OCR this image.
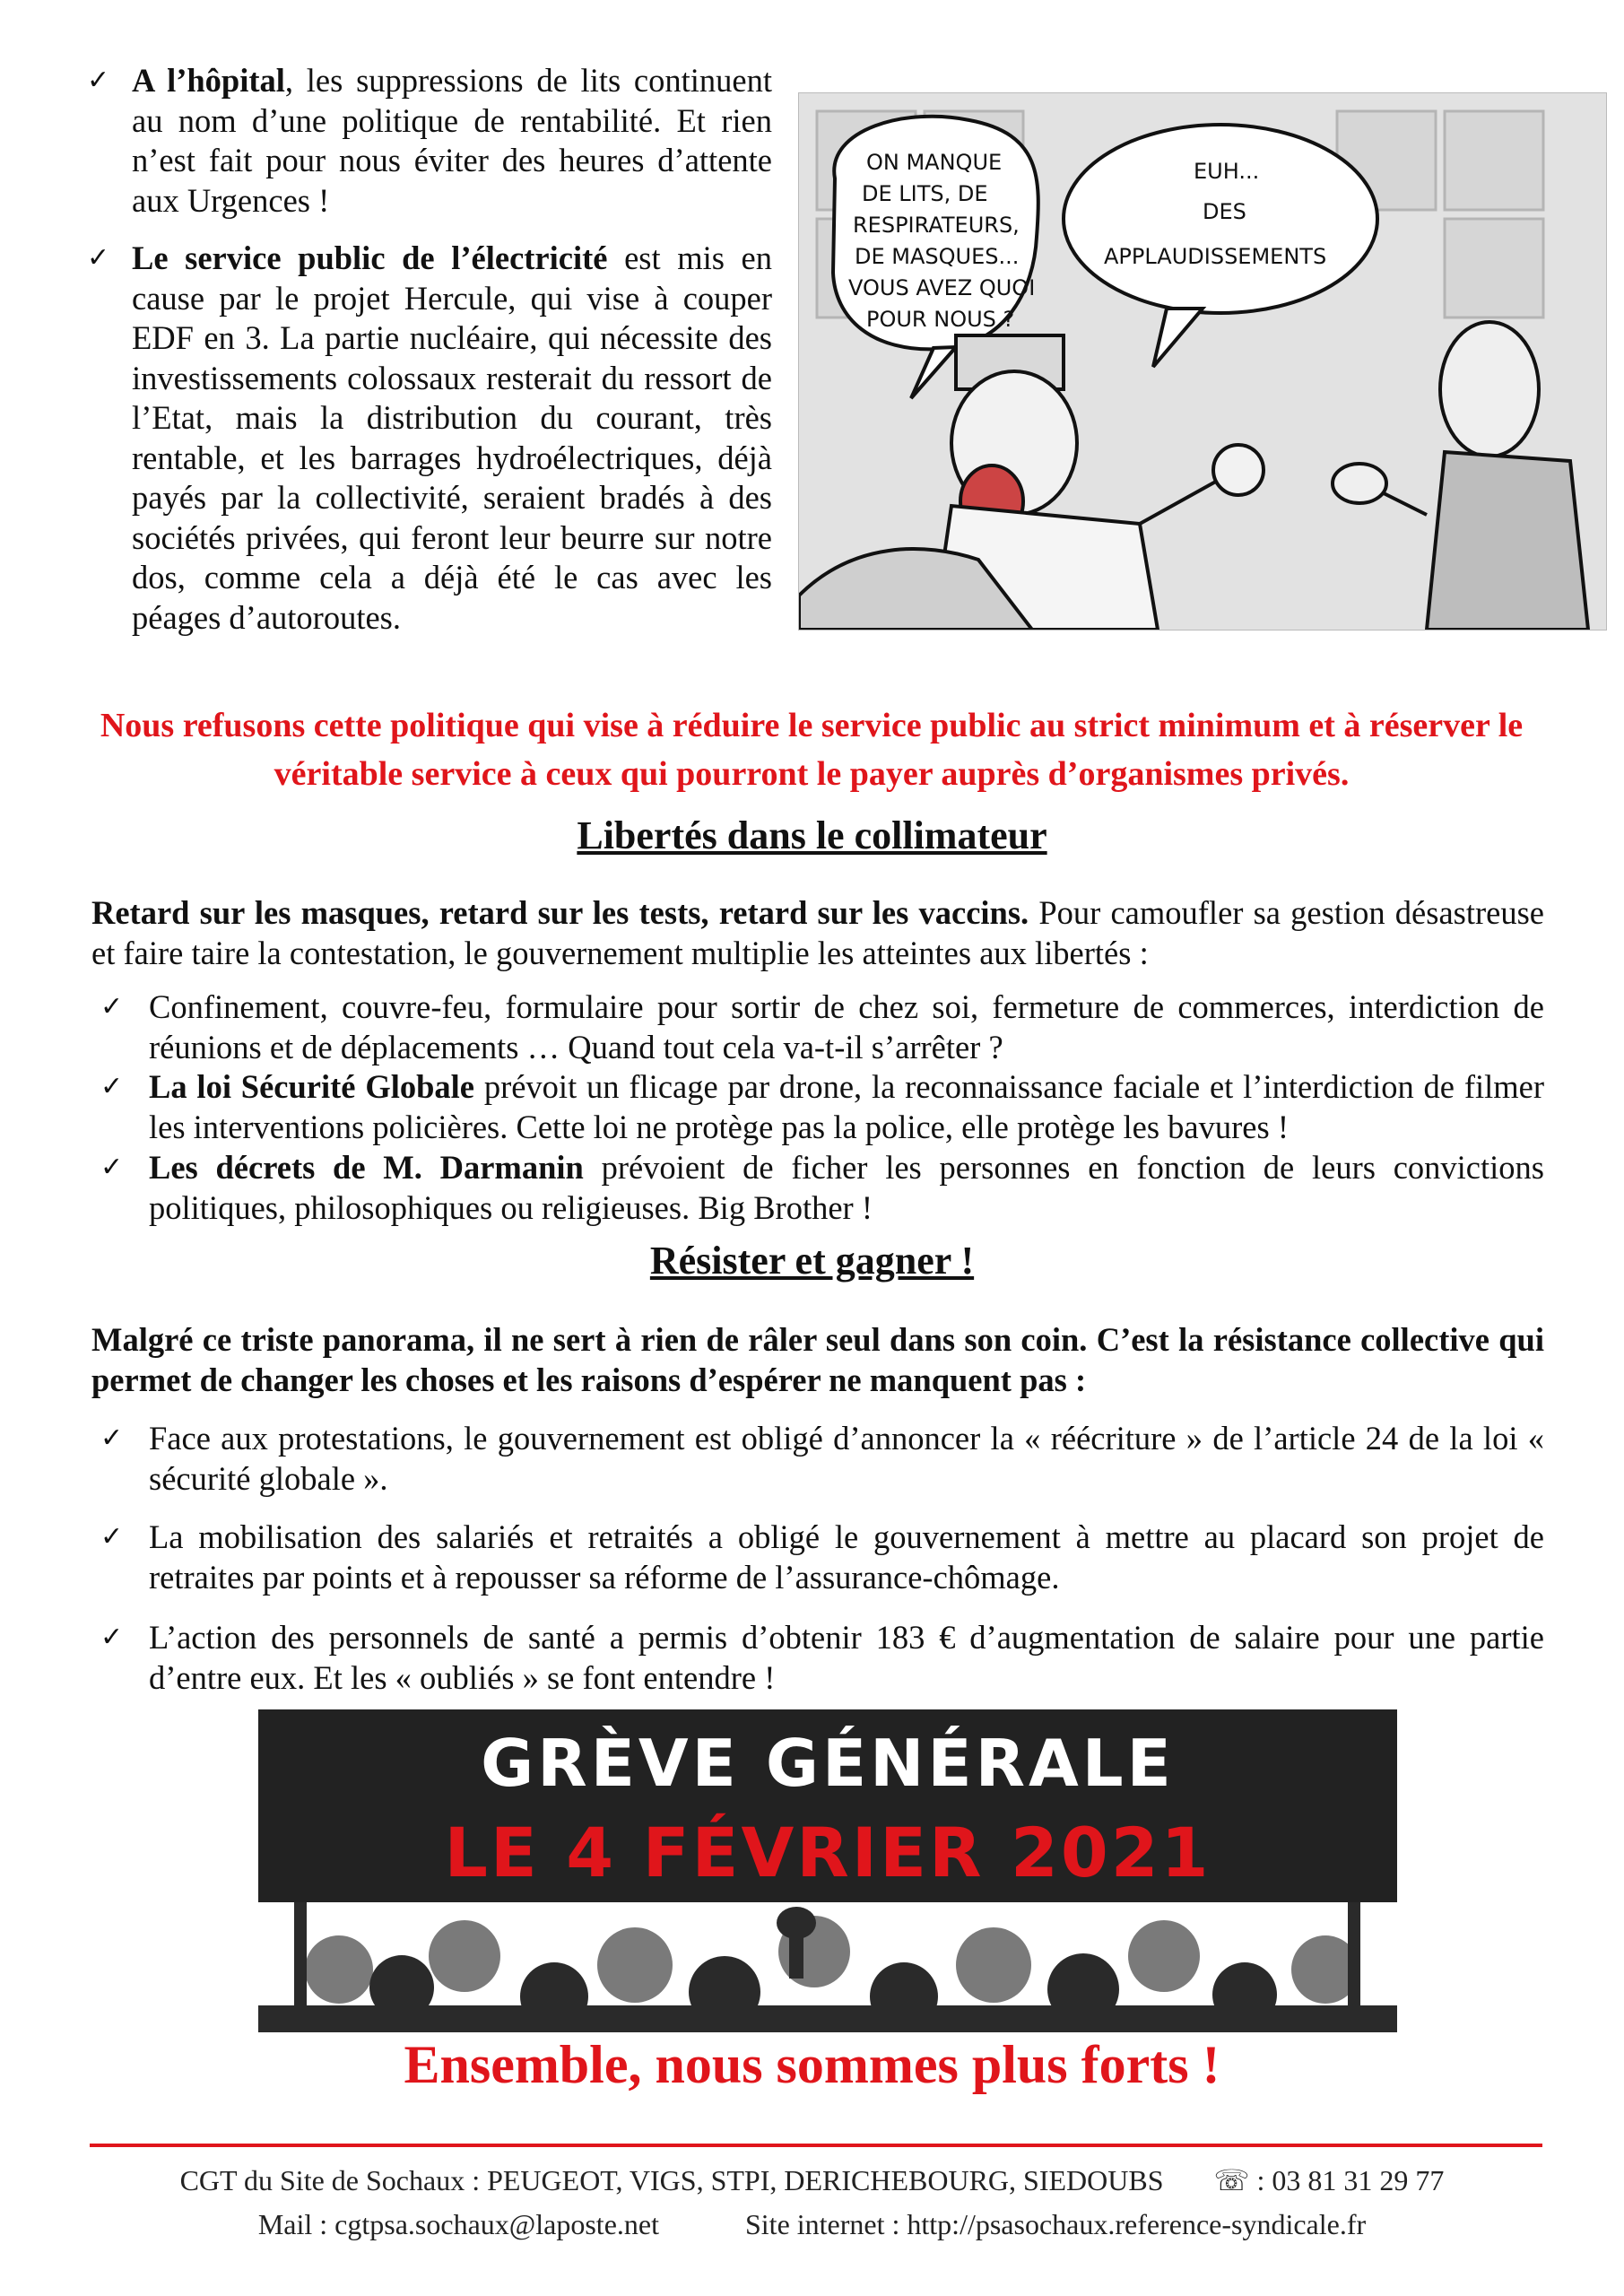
✓ A l’hôpital, les suppressions de lits continuent au nom d’une politique de rentabilité. Et rien n’est fait pour nous éviter des heures d’attente aux Urgences !
✓ Le service public de l’électricité est mis en cause par le projet Hercule, qui vise à couper EDF en 3. La partie nucléaire, qui nécessite des investissements colossaux resterait du ressort de l’Etat, mais la distribution du courant, très rentable, et les barrages hydroélectriques, déjà payés par la collectivité, seraient bradés à des sociétés privées, qui feront leur beurre sur notre dos, comme cela a déjà été le cas avec les péages d’autoroutes.
ON MANQUE DE LITS, DE RESPIRATEURS, DE MASQUES... VOUS AVEZ QUOI POUR NOUS ?
EUH... DES APPLAUDISSEMENTS
Nous refusons cette politique qui vise à réduire le service public au strict minimum et à réserver le véritable service à ceux qui pourront le payer auprès d’organismes privés.
Libertés dans le collimateur
Retard sur les masques, retard sur les tests, retard sur les vaccins. Pour camoufler sa gestion désastreuse et faire taire la contestation, le gouvernement multiplie les atteintes aux libertés :
✓ Confinement, couvre-feu, formulaire pour sortir de chez soi, fermeture de commerces, interdiction de réunions et de déplacements … Quand tout cela va-t-il s’arrêter ?
✓ La loi Sécurité Globale prévoit un flicage par drone, la reconnaissance faciale et l’interdiction de filmer les interventions policières. Cette loi ne protège pas la police, elle protège les bavures !
✓ Les décrets de M. Darmanin prévoient de ficher les personnes en fonction de leurs convictions politiques, philosophiques ou religieuses. Big Brother !
Résister et gagner !
Malgré ce triste panorama, il ne sert à rien de râler seul dans son coin. C’est la résistance collective qui permet de changer les choses et les raisons d’espérer ne manquent pas :
✓ Face aux protestations, le gouvernement est obligé d’annoncer la « réécriture » de l’article 24 de la loi « sécurité globale ».
✓ La mobilisation des salariés et retraités a obligé le gouvernement à mettre au placard son projet de retraites par points et à repousser sa réforme de l’assurance-chômage.
✓ L’action des personnels de santé a permis d’obtenir 183 € d’augmentation de salaire pour une partie d’entre eux. Et les « oubliés » se font entendre !
GRÈVE GÉNÉRALE
LE 4 FÉVRIER 2021
Ensemble, nous sommes plus forts !
CGT du Site de Sochaux : PEUGEOT, VIGS, STPI, DERICHEBOURG, SIEDOUBS ☏ : 03 81 31 29 77
Mail : cgtpsa.sochaux@laposte.net	Site internet : http://psasochaux.reference-syndicale.fr
